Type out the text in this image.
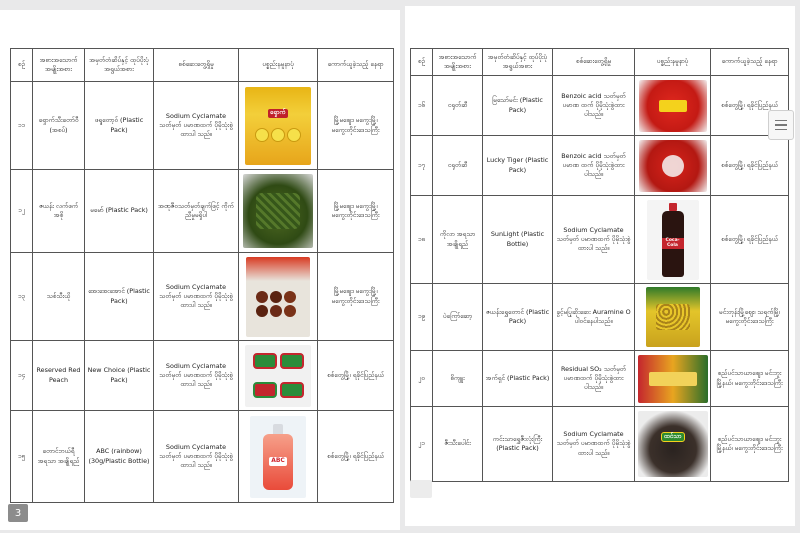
စဉ်	အစားအသောက် အမျိုးအစား	အမှတ်တံဆိပ်နှင့် ထုပ်ပိုးပုံ အရွယ်အစား	စစ်ဆေးတွေ့ရှိမှု	ပစ္စည်းနမူနာပုံ	ကောက်ယူခဲ့သည့် နေရာ
၁၁	ရှောက်သီးတော်ဝီ (အစပ်)	ဖရူတော့ဝ် (Plastic Pack)	Sodium Cyclamate သတ်မှတ် ပမာဏထက် ပိုမိုသုံးစွဲထားပါ သည်။	ရှောက်	မြို့မဈေး၊ မကွေးမြို့၊ မကွေးတိုင်းဒေသကြီး
၁၂	ဇယန်း လက်ဖက်အစို	မမော် (Plastic Pack)	အဏုဇီဝသတ်မှတ်ချက်ဖြင့် ကိုက်ညီမှုမရှိပါ		မြို့မဈေး၊ မကွေးမြို့၊ မကွေးတိုင်းဒေသကြီး
၁၃	သစ်သီးယို	အေးအေးအောင် (Plastic Pack)	Sodium Cyclamate သတ်မှတ် ပမာဏထက် ပိုမိုသုံးစွဲထားပါ သည်။		မြို့မဈေး၊ မကွေးမြို့၊ မကွေးတိုင်းဒေသကြီး
၁၄	Reserved Red Peach	New Choice (Plastic Pack)	Sodium Cyclamate သတ်မှတ် ပမာဏထက် ပိုမိုသုံးစွဲထားပါ သည်။		စစ်တွေမြို့၊ ရခိုင်ပြည်နယ်
၁၅	တောင်ဘယ်ရီ အရသာ အချိုရည်	ABC (rainbow) (30g/Plastic Bottle)	Sodium Cyclamate သတ်မှတ် ပမာဏထက် ပိုမိုသုံးစွဲထားပါ သည်။	ABC	စစ်တွေမြို့၊ ရခိုင်ပြည်နယ်
3
စဉ်	အစားအသောက် အမျိုးအစား	အမှတ်တံဆိပ်နှင့် ထုပ်ပိုးပုံ အရွယ်အစား	စစ်ဆေးတွေ့ရှိမှု	ပစ္စည်းနမူနာပုံ	ကောက်ယူခဲ့သည့် နေရာ
၁၆	ငရုတ်ဆီ	မြသော်မင်း (Plastic Pack)	Benzoic acid သတ်မှတ်ပမာဏ ထက် ပိုမိုသုံးစွဲထားပါသည်။		စစ်တွေမြို့၊ ရခိုင်ပြည်နယ်
၁၇	ငရုတ်ဆီ	Lucky Tiger (Plastic Pack)	Benzoic acid သတ်မှတ်ပမာဏ ထက် ပိုမိုသုံးစွဲထားပါသည်။		စစ်တွေမြို့၊ ရခိုင်ပြည်နယ်
၁၈	ကိုလာ အရသာအချိုရည်	SunLight (Plastic Bottle)	Sodium Cyclamate သတ်မှတ် ပမာဏထက် ပိုမိုသုံးစွဲထားပါ သည်။	Coca-Cola	စစ်တွေမြို့၊ ရခိုင်ပြည်နယ်
၁၉	ပဲကြော်ဆော့	ဇယန်းရွှေတောင် (Plastic Pack)	ခွင့်မပြုဆိုးဆေး Auramine O ပါဝင်နေပါသည်။		မင်းတုန်းမြို့ဈေး၊ သရက်မြို့၊ မကွေးတိုင်းဒေသကြီး
၂၀	စိကျူး	အက်ရှင် (Plastic Pack)	Residual SO₂ သတ်မှတ်ပမာဏထက် ပိုမိုသုံးစွဲထားပါသည်။		စည်ပင်သာယာဈေး၊ မင်းဘူးမြို့နယ်၊ မကွေးတိုင်းဒေသကြီး
၂၁	ဇီးသီးပေါင်း	ကင်းသာရွှေဇီးလုံးကြီး (Plastic Pack)	Sodium Cyclamate သတ်မှတ် ပမာဏထက် ပိုမိုသုံးစွဲထားပါ သည်။	ထင်သာ	စည်ပင်သာယာဈေး၊ မင်းဘူးမြို့နယ်၊ မကွေးတိုင်းဒေသကြီး
